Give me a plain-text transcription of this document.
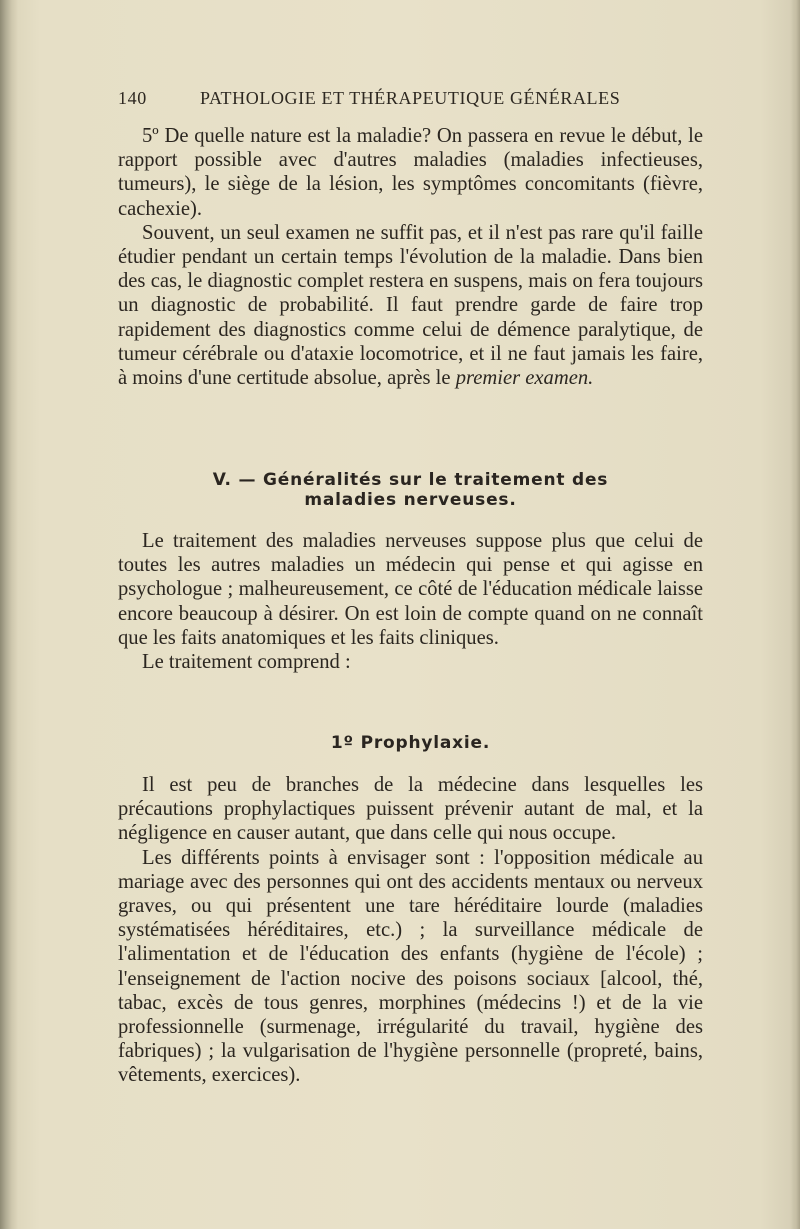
140	PATHOLOGIE ET THÉRAPEUTIQUE GÉNÉRALES

5º De quelle nature est la maladie? On passera en revue le début, le rapport possible avec d'autres maladies (maladies infectieuses, tumeurs), le siège de la lésion, les symptômes concomitants (fièvre, cachexie).

Souvent, un seul examen ne suffit pas, et il n'est pas rare qu'il faille étudier pendant un certain temps l'évolution de la maladie. Dans bien des cas, le diagnostic complet restera en suspens, mais on fera toujours un diagnostic de probabilité. Il faut prendre garde de faire trop rapidement des diagnostics comme celui de démence paralytique, de tumeur cérébrale ou d'ataxie locomotrice, et il ne faut jamais les faire, à moins d'une certitude absolue, après le premier examen.

V. — Généralités sur le traitement des
maladies nerveuses.

Le traitement des maladies nerveuses suppose plus que celui de toutes les autres maladies un médecin qui pense et qui agisse en psychologue ; malheureusement, ce côté de l'éducation médicale laisse encore beaucoup à désirer. On est loin de compte quand on ne connaît que les faits anatomiques et les faits cliniques.

Le traitement comprend :

1º Prophylaxie.

Il est peu de branches de la médecine dans lesquelles les précautions prophylactiques puissent prévenir autant de mal, et la négligence en causer autant, que dans celle qui nous occupe.

Les différents points à envisager sont : l'opposition médicale au mariage avec des personnes qui ont des accidents mentaux ou nerveux graves, ou qui présentent une tare héréditaire lourde (maladies systématisées héréditaires, etc.) ; la surveillance médicale de l'alimentation et de l'éducation des enfants (hygiène de l'école) ; l'enseignement de l'action nocive des poisons sociaux [alcool, thé, tabac, excès de tous genres, morphines (médecins !) et de la vie professionnelle (surmenage, irrégularité du travail, hygiène des fabriques) ; la vulgarisation de l'hygiène personnelle (propreté, bains, vêtements, exercices).
